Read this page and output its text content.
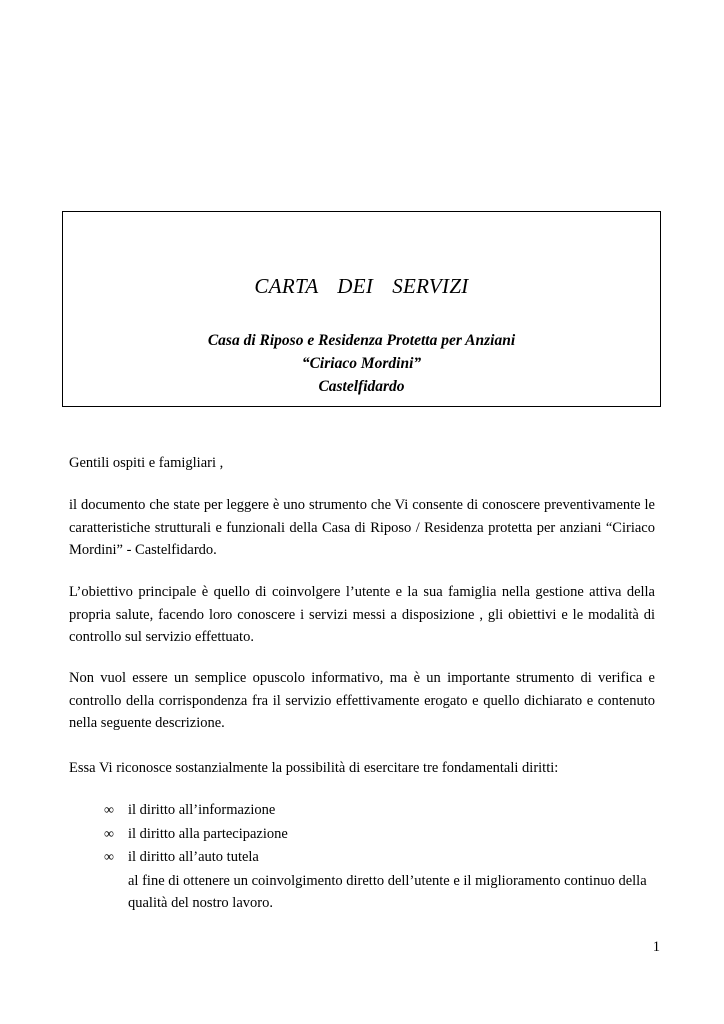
CARTA  DEI  SERVIZI
Casa di Riposo e Residenza Protetta per Anziani
“Ciriaco Mordini”
Castelfidardo
Gentili ospiti e famigliari ,
il documento che state per leggere è uno strumento che Vi consente di conoscere preventivamente le caratteristiche strutturali e funzionali della Casa di Riposo / Residenza protetta per anziani “Ciriaco Mordini” - Castelfidardo.
L’obiettivo principale è quello di coinvolgere l’utente e la sua famiglia nella gestione attiva della propria salute, facendo loro conoscere i servizi messi a disposizione , gli obiettivi e le modalità di controllo sul servizio effettuato.
Non vuol essere un semplice opuscolo informativo, ma è un importante strumento di verifica e controllo della corrispondenza fra il servizio effettivamente erogato e quello dichiarato e contenuto nella seguente descrizione.
Essa Vi riconosce sostanzialmente la possibilità di esercitare tre fondamentali diritti:
∞ il diritto all’informazione
∞ il diritto alla partecipazione
∞ il diritto all’auto tutela
al fine di ottenere un coinvolgimento diretto dell’utente e il miglioramento continuo della qualità del nostro lavoro.
1
